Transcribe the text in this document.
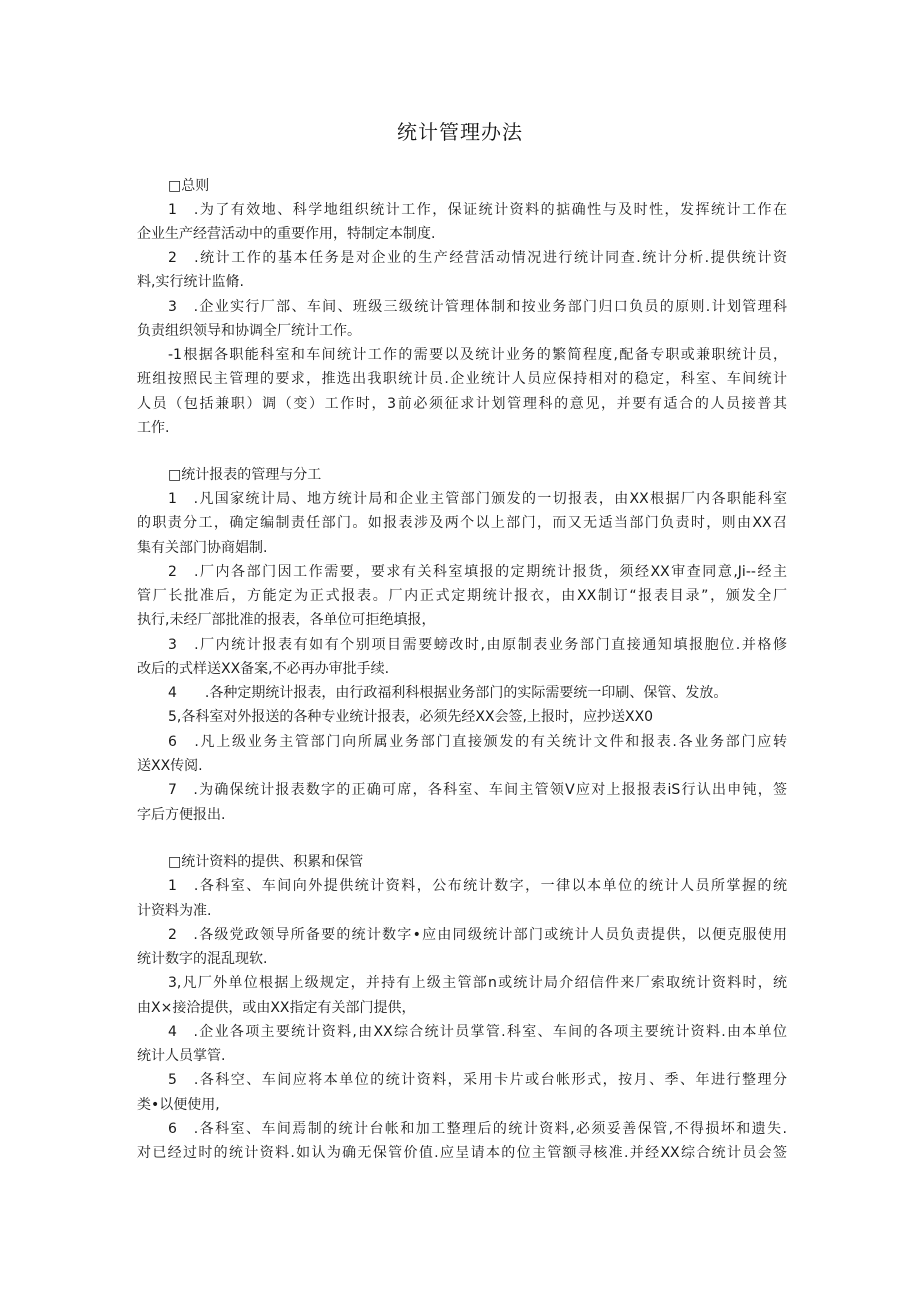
统计管理办法
□总则
1　.为了有效地、科学地组织统计工作，保证统计资料的掂确性与及时性，发挥统计工作在
企业生产经营活动中的重要作用，特制定本制度.
2　.统计工作的基本任务是对企业的生产经营活动情况进行统计同查.统计分析.提供统计资
料,实行统计监脩.
3　.企业实行厂部、车间、班级三级统计管理体制和按业务部门归口负员的原则.计划管理科
负责组织领导和协调全厂统计工作。
-1根据各职能科室和车间统计工作的需要以及统计业务的繁简程度,配备专职或兼职统计员，
班组按照民主管理的要求，推选出我职统计员.企业统计人员应保持相对的稳定，科室、车间统计
人员（包括兼职）调（变）工作时，3前必须征求计划管理科的意见，并要有适合的人员接普其
工作.
□统计报表的管理与分工
1　.凡国家统计局、地方统计局和企业主管部门颁发的一切报表，由XX根据厂内各职能科室
的职责分工，确定编制责任部门。如报表涉及两个以上部门，而又无适当部门负责时，则由XX召
集有关部门协商娼制.
2　.厂内各部门因工作需要，要求有关科室填报的定期统计报货，须经XX审查同意,Ji--经主
管厂长批准后，方能定为正式报表。厂内正式定期统计报衣，由XX制订“报表目录”，颁发全厂
执行,未经厂部批准的报表，各单位可拒绝填报，
3　.厂内统计报表有如有个别项目需要螃改时,由原制表业务部门直接通知填报胞位.并格修
改后的式样送XX备案,不必再办审批手续.
4　　.各种定期统计报表，由行政福利科根据业务部门的实际需要统一印刷、保管、发放。
5,各科室对外报送的各种专业统计报表，必须先经XX会签,上报时，应抄送XX0
6　.凡上级业务主管部门向所属业务部门直接颁发的有关统计文件和报表.各业务部门应转
送XX传阅.
7　.为确保统计报表数字的正确可席，各科室、车间主管领V应对上报报表iS行认出申钝，签
字后方便报出.
□统计资料的提供、积累和保管
1　.各科室、车间向外提供统计资料，公布统计数字，一律以本单位的统计人员所掌握的统
计资料为准.
2　.各级党政领导所备要的统计数字•应由同级统计部门或统计人员负责提供，以便克服使用
统计数字的混乱现软.
3,凡厂外单位根据上级规定，并持有上级主管部n或统计局介绍信件来厂索取统计资料时，统
由X×接洽提供，或由XX指定有关部门提供，
4　.企业各项主要统计资料,由XX综合统计员掌管.科室、车间的各项主要统计资料.由本单位
统计人员掌管.
5　.各科空、车间应将本单位的统计资料，采用卡片或台帐形式，按月、季、年进行整理分
类•以便使用,
6　.各科室、车间焉制的统计台帐和加工整理后的统计资料,必须妥善保管,不得损坏和遗失.
对已经过时的统计资料.如认为确无保管价值.应呈请本的位主管额寻核准.并经XX综合统计员会签
